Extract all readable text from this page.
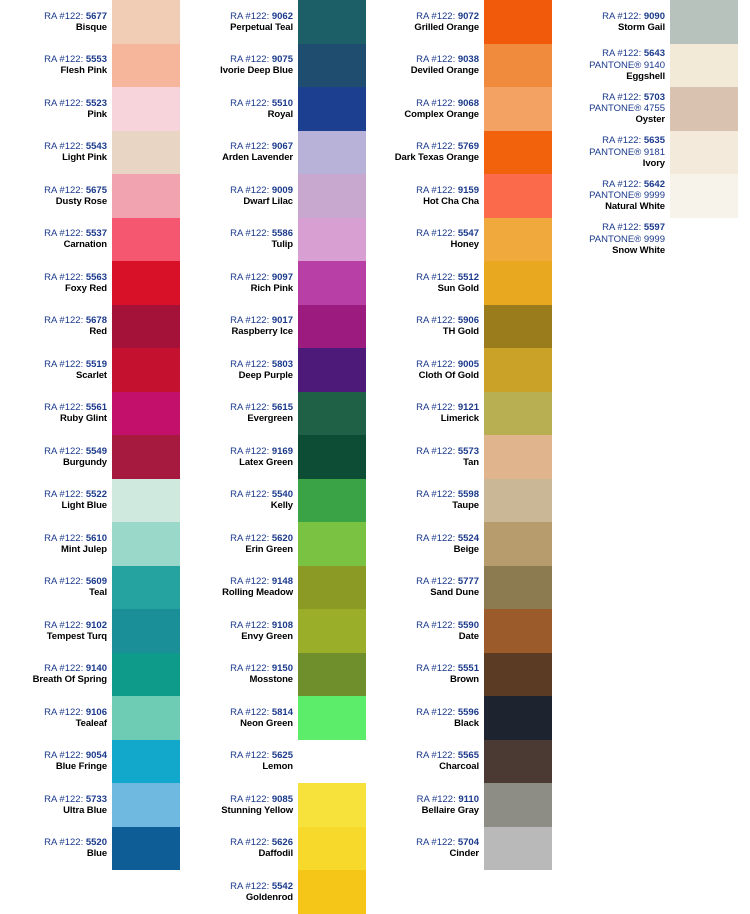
RA #122: 5677
Bisque
RA #122: 5553
Flesh Pink
RA #122: 5523
Pink
RA #122: 5543
Light Pink
RA #122: 5675
Dusty Rose
RA #122: 5537
Carnation
RA #122: 5563
Foxy Red
RA #122: 5678
Red
RA #122: 5519
Scarlet
RA #122: 5561
Ruby Glint
RA #122: 5549
Burgundy
RA #122: 5522
Light Blue
RA #122: 5610
Mint Julep
RA #122: 5609
Teal
RA #122: 9102
Tempest Turq
RA #122: 9140
Breath Of Spring
RA #122: 9106
Tealeaf
RA #122: 9054
Blue Fringe
RA #122: 5733
Ultra Blue
RA #122: 5520
Blue
RA #122: 9062
Perpetual Teal
RA #122: 9075
Ivorie Deep Blue
RA #122: 5510
Royal
RA #122: 9067
Arden Lavender
RA #122: 9009
Dwarf Lilac
RA #122: 5586
Tulip
RA #122: 9097
Rich Pink
RA #122: 9017
Raspberry Ice
RA #122: 5803
Deep Purple
RA #122: 5615
Evergreen
RA #122: 9169
Latex Green
RA #122: 5540
Kelly
RA #122: 5620
Erin Green
RA #122: 9148
Rolling Meadow
RA #122: 9108
Envy Green
RA #122: 9150
Mosstone
RA #122: 5814
Neon Green
RA #122: 5625
Lemon
RA #122: 9085
Stunning Yellow
RA #122: 5626
Daffodil
RA #122: 5542
Goldenrod
RA #122: 9072
Grilled Orange
RA #122: 9038
Deviled Orange
RA #122: 9068
Complex Orange
RA #122: 5769
Dark Texas Orange
RA #122: 9159
Hot Cha Cha
RA #122: 5547
Honey
RA #122: 5512
Sun Gold
RA #122: 5906
TH Gold
RA #122: 9005
Cloth Of Gold
RA #122: 9121
Limerick
RA #122: 5573
Tan
RA #122: 5598
Taupe
RA #122: 5524
Beige
RA #122: 5777
Sand Dune
RA #122: 5590
Date
RA #122: 5551
Brown
RA #122: 5596
Black
RA #122: 5565
Charcoal
RA #122: 9110
Bellaire Gray
RA #122: 5704
Cinder
RA #122: 9090
Storm Gail
RA #122: 5643
PANTONE® 9140
Eggshell
RA #122: 5703
PANTONE® 4755
Oyster
RA #122: 5635
PANTONE® 9181
Ivory
RA #122: 5642
PANTONE® 9999
Natural White
RA #122: 5597
PANTONE® 9999
Snow White
